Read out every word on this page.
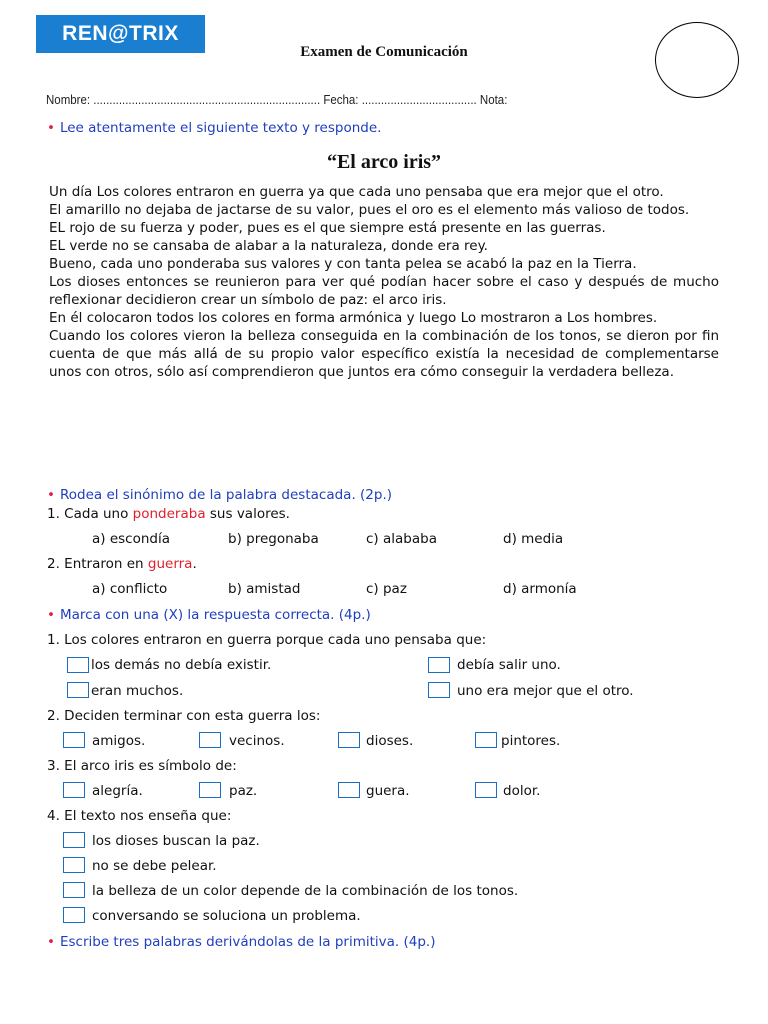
REN@TRIX
Examen de Comunicación
Nombre: ....................................................................... Fecha: .................................... Nota:
• Lee atentamente el siguiente texto y responde.
“El arco iris”

Un día Los colores entraron en guerra ya que cada uno pensaba que era mejor que el otro.

El amarillo no dejaba de jactarse de su valor, pues el oro es el elemento más valioso de todos.

EL rojo de su fuerza y poder, pues es el que siempre está presente en las guerras.

EL verde no se cansaba de alabar a la naturaleza, donde era rey.

Bueno, cada uno ponderaba sus valores y con tanta pelea se acabó la paz en la Tierra.

Los dioses entonces se reunieron para ver qué podían hacer sobre el caso y después de mucho reflexionar decidieron crear un símbolo de paz: el arco iris.

En él colocaron todos los colores en forma armónica y luego Lo mostraron a Los hombres.

Cuando los colores vieron la belleza conseguida en la combinación de los tonos, se dieron por fin cuenta de que más allá de su propio valor específico existía la necesidad de complementarse unos con otros, sólo así comprendieron que juntos era cómo conseguir la verdadera belleza.

• Rodea el sinónimo de la palabra destacada. (2p.)
1. Cada uno ponderaba sus valores.
a) escondía	b) pregonaba	c) alababa	d) media
2. Entraron en guerra.
a) conflicto	b) amistad	c) paz	d) armonía
• Marca con una (X) la respuesta correcta. (4p.)
1. Los colores entraron en guerra porque cada uno pensaba que:
los demás no debía existir.	debía salir uno.
eran muchos.	uno era mejor que el otro.
2. Deciden terminar con esta guerra los:
amigos.	vecinos.	dioses.	pintores.
3. El arco iris es símbolo de:
alegría.	paz.	guera.	dolor.
4. El texto nos enseña que:
los dioses buscan la paz.
no se debe pelear.
la belleza de un color depende de la combinación de los tonos.
conversando se soluciona un problema.
• Escribe tres palabras derivándolas de la primitiva. (4p.)
